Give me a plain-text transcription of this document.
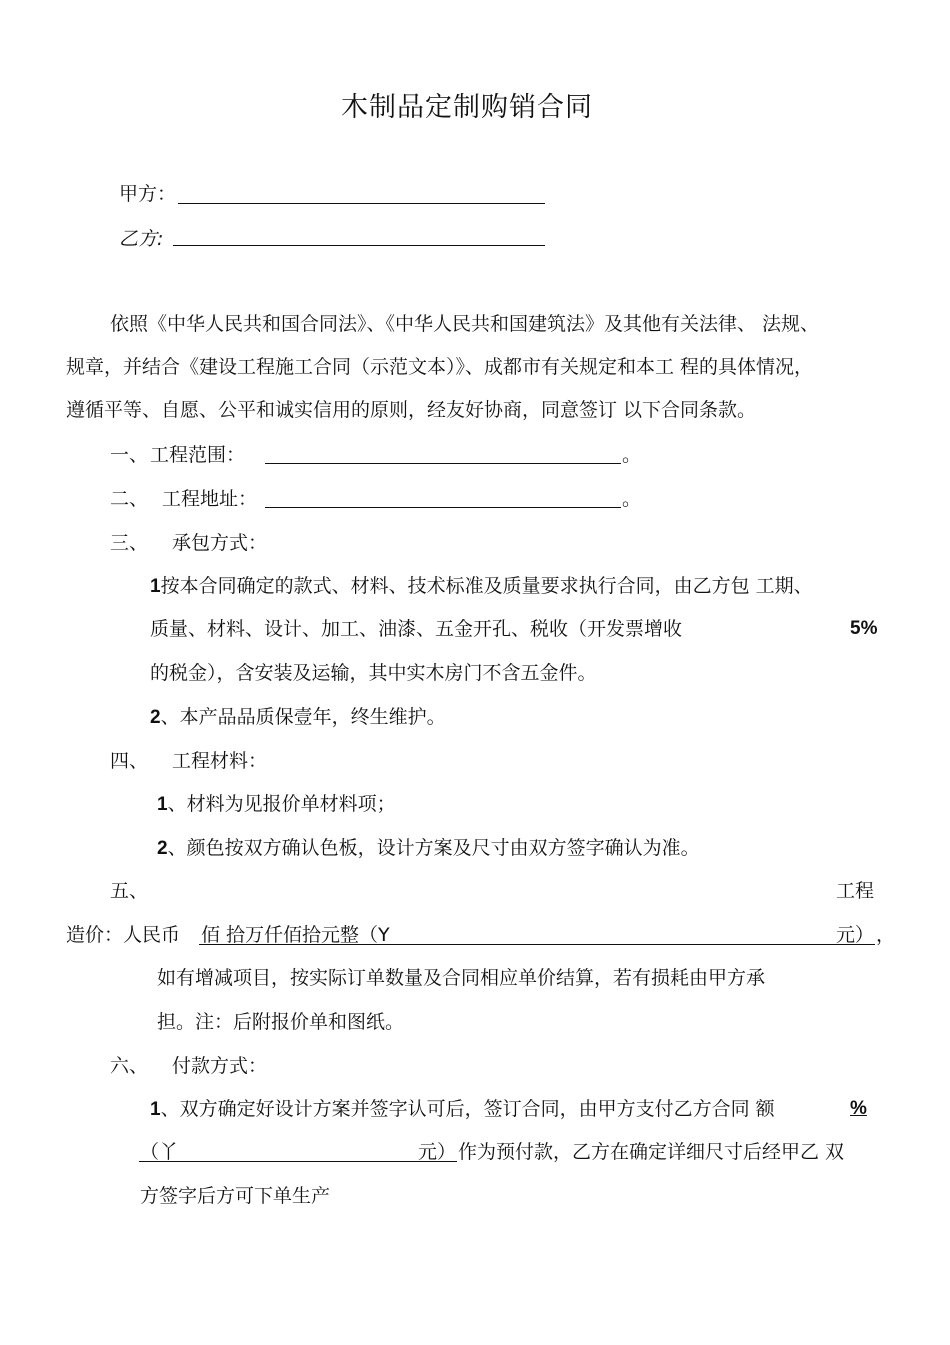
木制品定制购销合同
甲方：
乙方:
依照《中华人民共和国合同法》、《中华人民共和国建筑法》及其他有关法律、 法规、
规章，并结合《建设工程施工合同（示范文本）》、成都市有关规定和本工 程的具体情况，
遵循平等、自愿、公平和诚实信用的原则，经友好协商，同意签订 以下合同条款。
一、 工程范围：	。
二、 工程地址：	。
三、 承包方式：
1按本合同确定的款式、材料、技术标准及质量要求执行合同，由乙方包 工期、
质量、材料、设计、加工、油漆、五金开孔、税收（开发票增收	5%
的税金），含安装及运输，其中实木房门不含五金件。
2、本产品品质保壹年，终生维护。
四、 工程材料：
1、材料为见报价单材料项；
2、颜色按双方确认色板，设计方案及尺寸由双方签字确认为准。
五、	工程
造价：人民币 佰 拾万仟佰拾元整（Y	元） ，
如有增减项目，按实际订单数量及合同相应单价结算，若有损耗由甲方承
担。注：后附报价单和图纸。
六、 付款方式：
1、双方确定好设计方案并签字认可后，签订合同，由甲方支付乙方合同 额	%
（丫	元） 作为预付款，乙方在确定详细尺寸后经甲乙 双
方签字后方可下单生产
